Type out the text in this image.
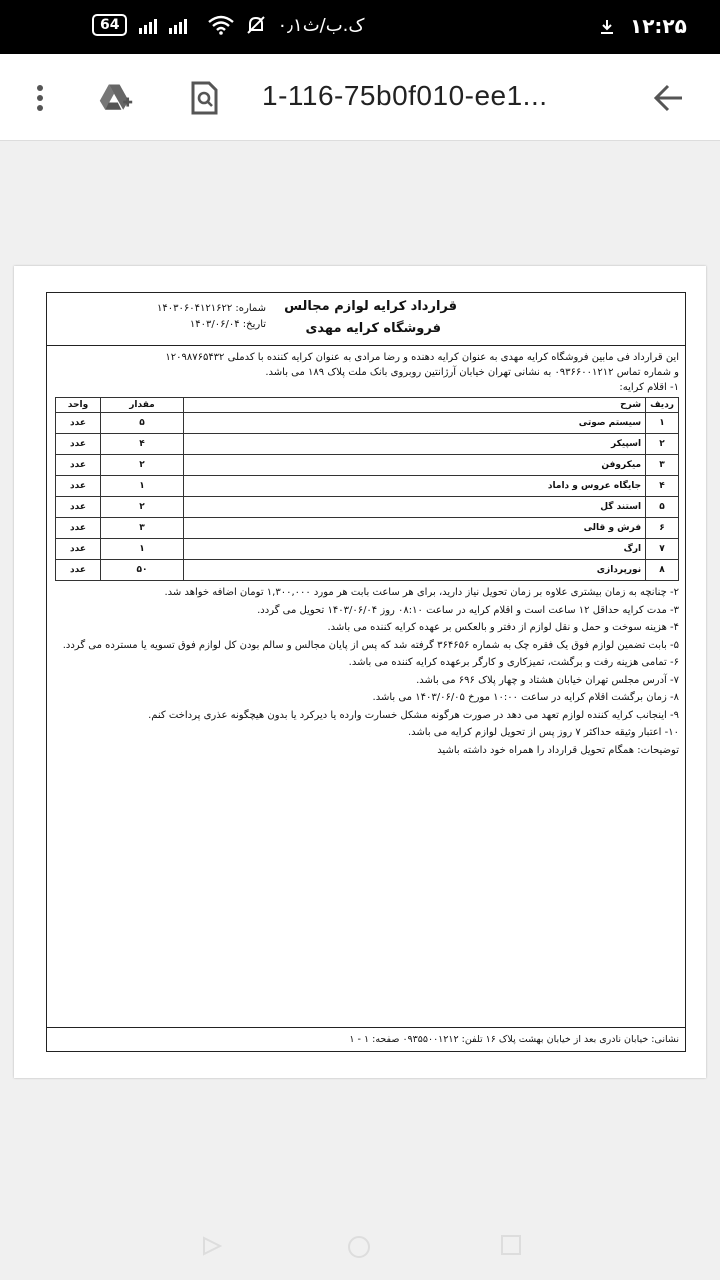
64	۰٫۱ک.ب/ث	۱۲:۲۵
1-116-75b0f010-ee1...
قرارداد کرایه لوازم مجالس
فروشگاه کرایه مهدی
شماره: ۱۴۰۳۰۶۰۴۱۲۱۶۲۲
تاریخ: ۱۴۰۳/۰۶/۰۴
این قرارداد فی مابین فروشگاه کرایه مهدی به عنوان کرایه دهنده و رضا مرادی به عنوان کرایه کننده با کدملی ۱۲۰۹۸۷۶۵۴۳۲
و شماره تماس ۰۹۳۶۶۰۰۱۲۱۲ به نشانی تهران خیابان آرژانتین روبروی بانک ملت پلاک ۱۸۹ می باشد.
۱- اقلام کرایه:
ردیف	شرح	مقدار	واحد
۱	سیستم صوتی	۵	عدد
۲	اسپیکر	۴	عدد
۳	میکروفن	۲	عدد
۴	جایگاه عروس و داماد	۱	عدد
۵	استند گل	۲	عدد
۶	فرش و قالی	۳	عدد
۷	ارگ	۱	عدد
۸	نورپردازی	۵۰	عدد

۲- چنانچه به زمان بیشتری علاوه بر زمان تحویل نیاز دارید، برای هر ساعت بابت هر مورد ۱,۳۰۰,۰۰۰ تومان اضافه خواهد شد.

۳- مدت کرایه حداقل ۱۲ ساعت است و اقلام کرایه در ساعت ۰۸:۱۰ روز ۱۴۰۳/۰۶/۰۴ تحویل می گردد.

۴- هزینه سوخت و حمل و نقل لوازم از دفتر و بالعکس بر عهده کرایه کننده می باشد.

۵- بابت تضمین لوازم فوق یک فقره چک به شماره ۳۶۴۶۵۶ گرفته شد که پس از پایان مجالس و سالم بودن کل لوازم فوق تسویه یا مسترده می گردد.

۶- تمامی هزینه رفت و برگشت، تمیزکاری و کارگر برعهده کرایه کننده می باشد.

۷- آدرس مجلس تهران خیابان هشتاد و چهار پلاک ۶۹۶ می باشد.

۸- زمان برگشت اقلام کرایه در ساعت ۱۰:۰۰ مورخ ۱۴۰۳/۰۶/۰۵ می باشد.

۹- اینجانب کرایه کننده لوازم تعهد می دهد در صورت هرگونه مشکل خسارت وارده یا دیرکرد یا بدون هیچگونه عذری پرداخت کنم.

۱۰- اعتبار وثیقه حداکثر ۷ روز پس از تحویل لوازم کرایه می باشد.

توضیحات: همگام تحویل قرارداد را همراه خود داشته باشید

نشانی: خیابان نادری بعد از خیابان بهشت پلاک ۱۶ تلفن: ۰۹۳۵۵۰۰۱۲۱۲ صفحه: ۱ - ۱
